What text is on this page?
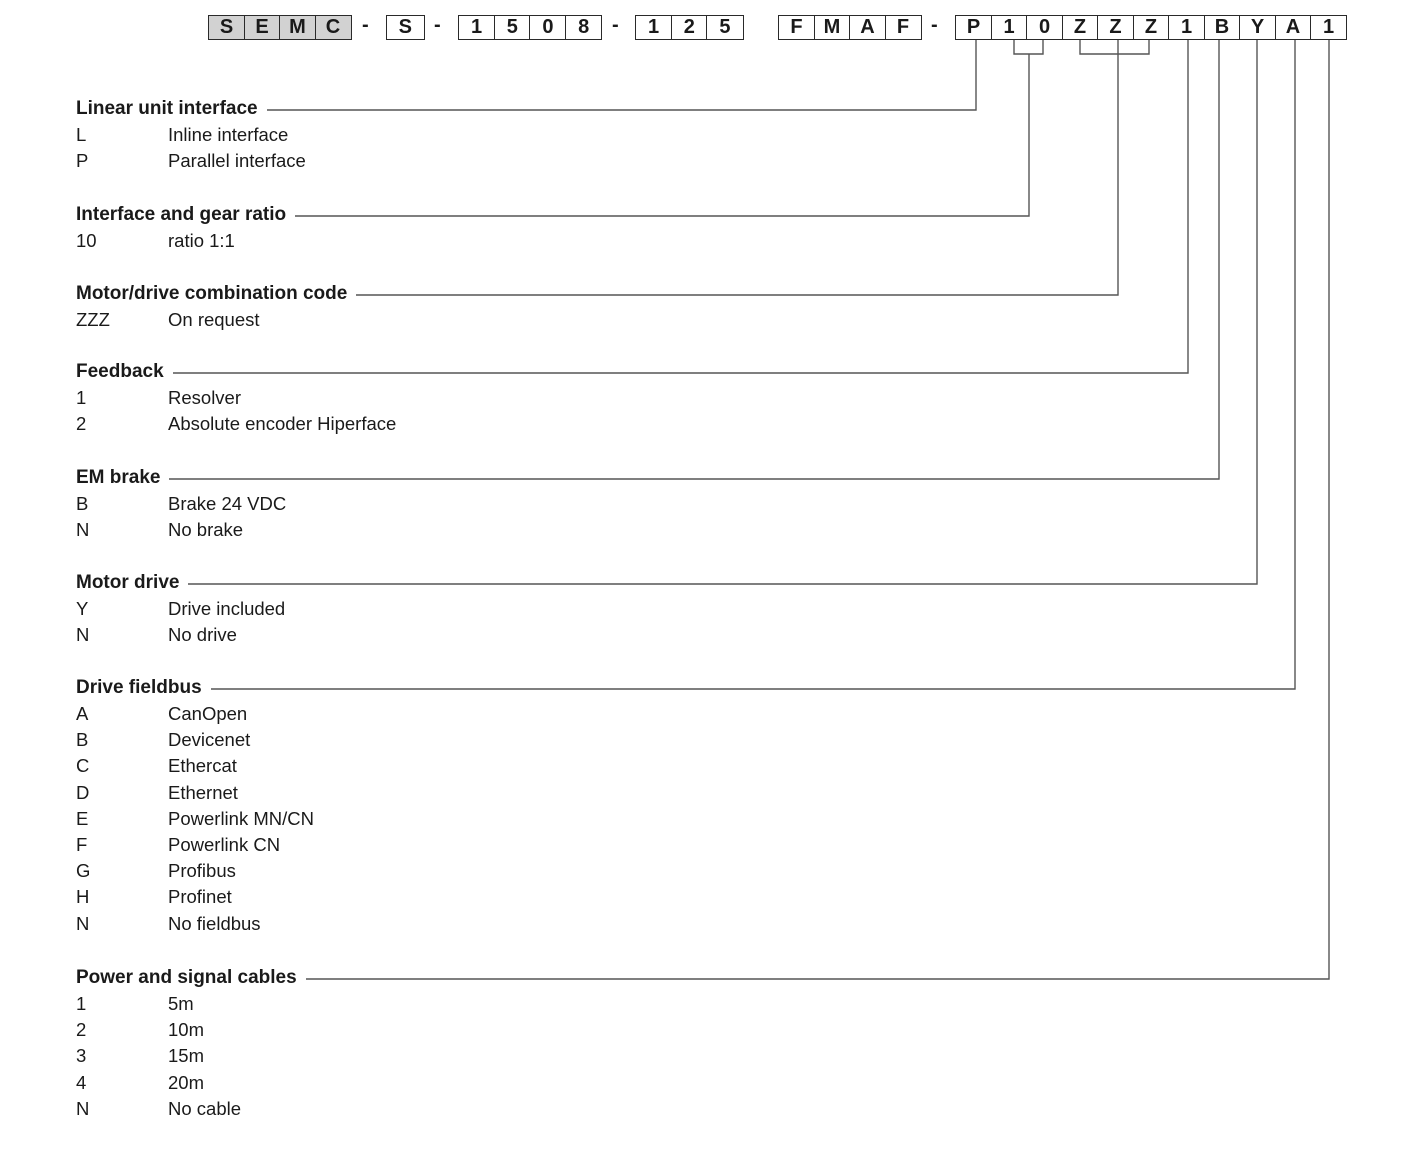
S	E	M C	-	S	-	1	5	0	8	-	1	2	5	F	M A	F	-	P	1	0	Z	Z	Z	1	B	Y	A	1
Linear unit interface
L	Inline interface
P	Parallel interface
Interface and gear ratio
10	ratio 1:1
Motor/drive combination code
ZZZ	On request
Feedback
1	Resolver
2	Absolute encoder Hiperface
EM brake
B	Brake 24 VDC
N	No brake
Motor drive
Y	Drive included
N	No drive
Drive fieldbus
A	CanOpen
B	Devicenet
C	Ethercat
D	Ethernet
E	Powerlink MN/CN
F	Powerlink CN
G	Profibus
H	Profinet
N	No fieldbus
Power and signal cables
1	5m
2	10m
3	15m
4	20m
N	No cable
